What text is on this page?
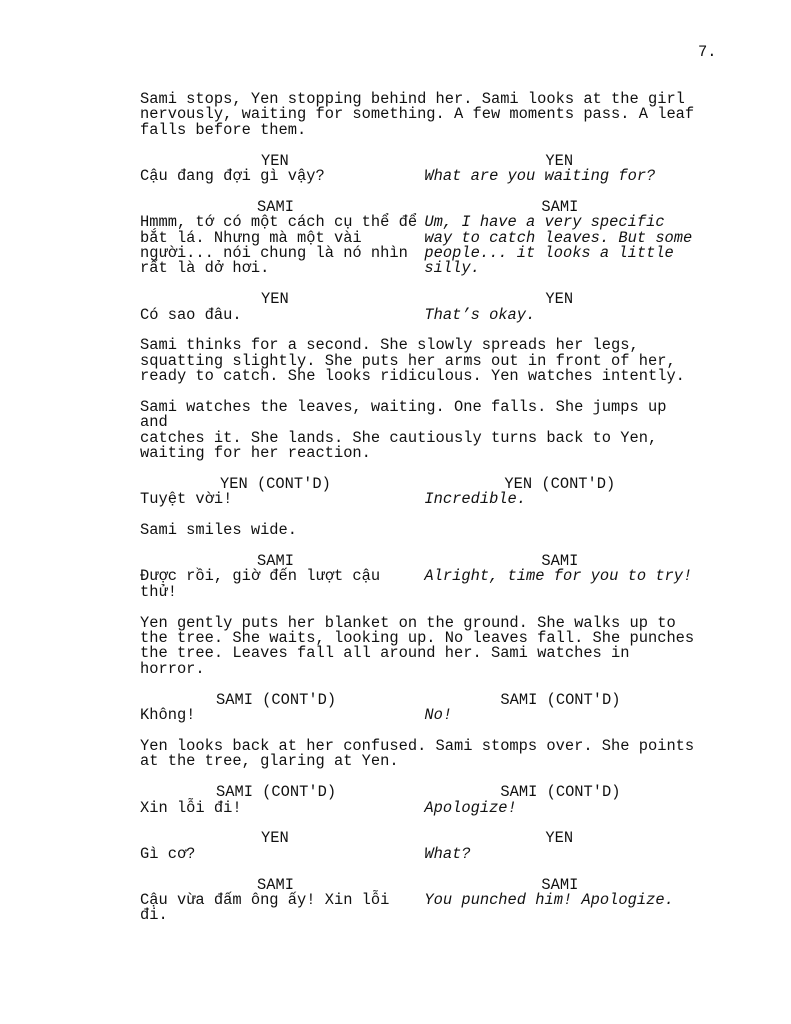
7.
Sami stops, Yen stopping behind her. Sami looks at the girl
nervously, waiting for something. A few moments pass. A leaf
falls before them.
YEN
Cậu đang đợi gì vậy?
YEN
What are you waiting for?
SAMI
Hmmm, tớ có một cách cụ thể để
bắt lá. Nhưng mà một vài
người... nói chung là nó nhìn
rất là dở hơi.
SAMI
Um, I have a very specific
way to catch leaves. But some
people... it looks a little
silly.
YEN
Có sao đâu.
YEN
That’s okay.
Sami thinks for a second. She slowly spreads her legs,
squatting slightly. She puts her arms out in front of her,
ready to catch. She looks ridiculous. Yen watches intently.
Sami watches the leaves, waiting. One falls. She jumps up and
catches it. She lands. She cautiously turns back to Yen,
waiting for her reaction.
YEN (CONT'D)
Tuyệt vời!
YEN (CONT'D)
Incredible.
Sami smiles wide.
SAMI
Được rồi, giờ đến lượt cậu
thử!
SAMI
Alright, time for you to try!
Yen gently puts her blanket on the ground. She walks up to
the tree. She waits, looking up. No leaves fall. She punches
the tree. Leaves fall all around her. Sami watches in horror.
SAMI (CONT'D)
Không!
SAMI (CONT'D)
No!
Yen looks back at her confused. Sami stomps over. She points
at the tree, glaring at Yen.
SAMI (CONT'D)
Xin lỗi đi!
SAMI (CONT'D)
Apologize!
YEN
Gì cơ?
YEN
What?
SAMI
Cậu vừa đấm ông ấy! Xin lỗi
đi.
SAMI
You punched him! Apologize.
